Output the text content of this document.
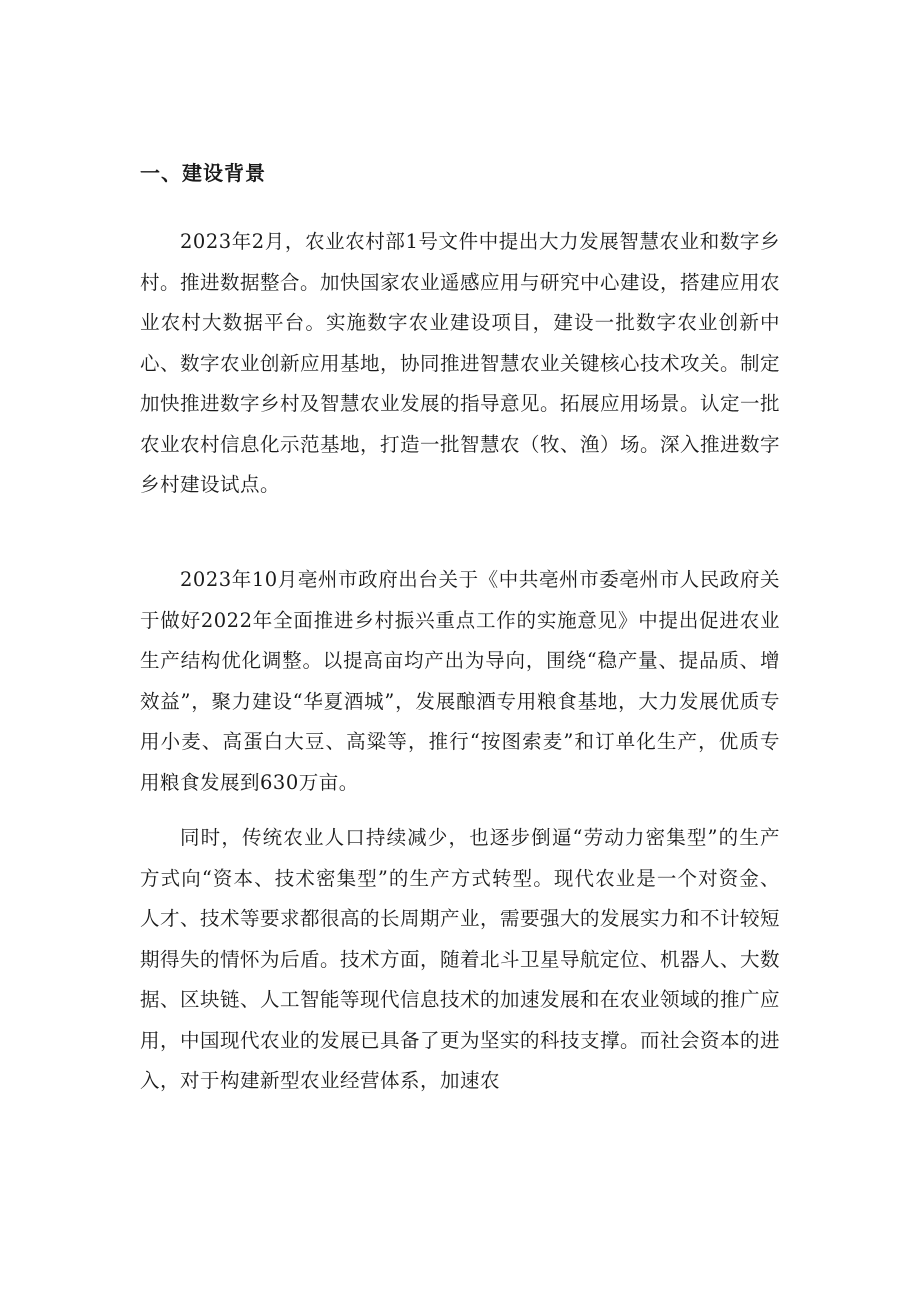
一、建设背景

2023年2月，农业农村部1号文件中提出大力发展智慧农业和数字乡村。推进数据整合。加快国家农业遥感应用与研究中心建设，搭建应用农业农村大数据平台。实施数字农业建设项目，建设一批数字农业创新中心、数字农业创新应用基地，协同推进智慧农业关键核心技术攻关。制定加快推进数字乡村及智慧农业发展的指导意见。拓展应用场景。认定一批农业农村信息化示范基地，打造一批智慧农（牧、渔）场。深入推进数字乡村建设试点。

2023年10月亳州市政府出台关于《中共亳州市委亳州市人民政府关于做好2022年全面推进乡村振兴重点工作的实施意见》中提出促进农业生产结构优化调整。以提高亩均产出为导向，围绕“稳产量、提品质、增效益”，聚力建设“华夏酒城”，发展酿酒专用粮食基地，大力发展优质专用小麦、高蛋白大豆、高粱等，推行“按图索麦”和订单化生产，优质专用粮食发展到630万亩。

同时，传统农业人口持续减少，也逐步倒逼“劳动力密集型”的生产方式向“资本、技术密集型”的生产方式转型。现代农业是一个对资金、人才、技术等要求都很高的长周期产业，需要强大的发展实力和不计较短期得失的情怀为后盾。技术方面，随着北斗卫星导航定位、机器人、大数据、区块链、人工智能等现代信息技术的加速发展和在农业领域的推广应用，中国现代农业的发展已具备了更为坚实的科技支撑。而社会资本的进入，对于构建新型农业经营体系，加速农
